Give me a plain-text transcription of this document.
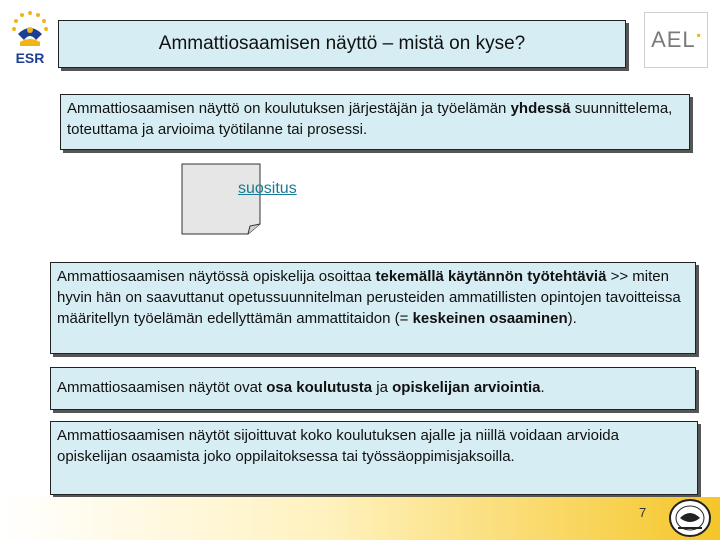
ESR
Ammattiosaamisen näyttö – mistä on kyse?	AEL ▪
Ammattiosaamisen näyttö on koulutuksen järjestäjän ja työelämän yhdessä suunnittelema, toteuttama ja arvioima työtilanne tai prosessi.
suositus
Ammattiosaamisen näytössä opiskelija osoittaa tekemällä käytännön työtehtäviä >> miten hyvin hän on saavuttanut opetussuunnitelman perusteiden ammatillisten opintojen tavoitteissa määritellyn työelämän edellyttämän ammattitaidon (= keskeinen osaaminen).
Ammattiosaamisen näytöt ovat osa koulutusta ja opiskelijan arviointia.
Ammattiosaamisen näytöt sijoittuvat koko koulutuksen ajalle ja niillä voidaan arvioida opiskelijan osaamista joko oppilaitoksessa tai työssäoppimisjaksoilla.
7
